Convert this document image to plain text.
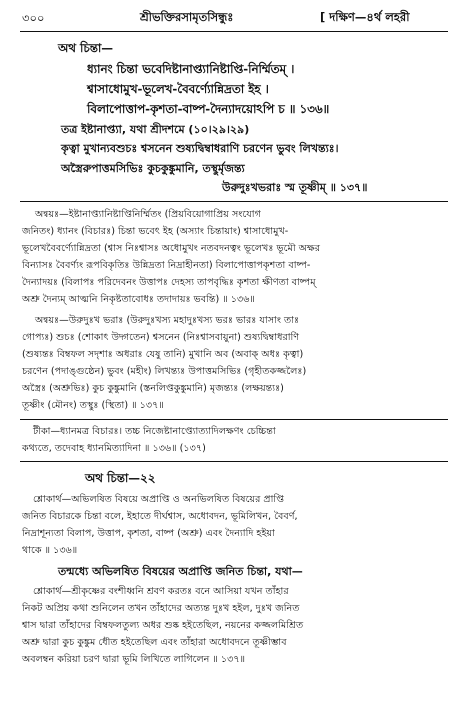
৩০০	শ্রীভক্তিরসামৃতসিন্ধুঃ	[ দক্ষিণ—৪র্থ লহরী
অথ চিন্তা—
ধ্যানং চিন্তা ভবেদিষ্টানাপ্ত্যানিষ্টাপ্তি-নির্ম্মিতম্ ।
শ্বাসাধোমুখ-ভূলেখ-বৈবর্ণ্যোন্নিদ্রতা ইহ ।
বিলাপোত্তাপ-কৃশতা-বাষ্প-দৈন্যাদয়োঽপি চ ॥ ১৩৬॥
তত্র ইষ্টানাপ্ত্যা, যথা শ্রীদশমে (১০।২৯।২৯)
কৃত্বা মুখান্যবশুচঃ শ্বসনেন শুষ্যদ্বিম্বাধরাণি চরণেন ভুবং লিখন্ত্যঃ।
অস্ত্রৈরুপাত্তমসিভিঃ কুচকুঙ্কুমানি, তস্থুর্মৃজন্ত্য
উরুদুঃখভরাঃ স্ম তূষ্ণীম্ ॥ ১৩৭॥
অন্বয়ঃ—ইষ্টানাপ্ত্যানিষ্টাপ্তিনির্ম্মিতং (প্রিয়বিয়োগাপ্রিয় সংযোগ
জনিতং) ধ্যানং (বিচারঃ) চিন্তা ভবেৎ ইহ (অস্যাং চিন্তায়াং) শ্বাসাধোমুখ-
ভূলেখবৈবর্ণ্যোন্নিদ্রতা (শ্বাস নিঃশ্বাসঃ অধোমুখং নতবদনত্বং ভূলেখঃ ভূমৌ অক্ষর
বিন্যাসঃ বৈবর্ণ্যং রূপবিকৃতিঃ উন্নিদ্রতা নিদ্রাহীনতা) বিলাপোত্তাপকৃশতা বাষ্প-
দৈন্যাদয়ঃ (বিলাপঃ পরিদেবনং উত্তাপঃ দেহস্য তাপবৃদ্ধিঃ কৃশতা ক্ষীণতা বাষ্পম্
অশ্রু দৈন্যম্ আত্মনি নিকৃষ্টতাবোধঃ তদাদায়ঃ ভবন্তি) ॥ ১৩৬॥
অন্বয়ঃ—উরুদুঃখ ভরাঃ (উরুদুঃখস্য মহাদুঃখস্য ভরঃ ভারঃ যাসাং তাঃ
গোপ্যঃ) শুচঃ (শোকাৎ উদ্গতেন) শ্বসনেন (নিঃশ্বাসবায়ুনা) শুষ্যদ্বিম্বাধরাণি
(শুষ্যন্তঃ বিম্বফল সদৃশাঃ অধরাঃ যেষু তানি) মুখানি অব (অবাক্ অধঃ কৃত্বা)
চরণেন (পদাঙ্গুষ্ঠেন) ভুবং (মহীং) লিখন্ত্যঃ উপাত্তমসিভিঃ (গৃহীতকজ্জলৈঃ)
অস্ত্রৈঃ (অশ্রুভিঃ) কুচ কুঙ্কুমানি (স্তনলিপ্তকুঙ্কুমানি) মৃজন্ত্যঃ (লক্ষয়ন্ত্যঃ)
তূষ্ণীং (মৌনং) তস্থুঃ (স্থিতা) ॥ ১৩৭॥
টীকা—ধ্যানমত্র বিচারঃ। তচ্চ নিজেষ্টানাপ্ত্যোত্যাদিলক্ষণং চেচ্চিন্তা
কথ্যতে, তদেবাহ ধ্যানমিত্যাদিনা ॥ ১৩৬॥ (১৩৭)
অথ চিন্তা—২২
শ্লোকার্থ—অভিলষিত বিষয়ে অপ্রাপ্তি ও অনভিলষিত বিষয়ের প্রাপ্তি
জনিত বিচারকে চিন্তা বলে, ইহাতে দীর্ঘশ্বাস, অধোবদন, ভূমিলিখন, বৈবর্ণ,
নিদ্রাশূন্যতা বিলাপ, উত্তাপ, কৃশতা, বাষ্প (অশ্রু) এবং দৈন্যাদি হইয়া
থাকে ॥ ১৩৬॥
তন্মধ্যে অভিলষিত বিষয়ের অপ্রাপ্তি জনিত চিন্তা, যথা—
শ্লোকার্থ—শ্রীকৃষ্ণের বংশীধ্বনি শ্রবণ করতঃ বনে আসিয়া যখন তাঁহার
নিকট অপ্রিয় কথা শুনিলেন তখন তাঁহাদের অত্যন্ত দুঃখ হইল, দুঃখ জনিত
শ্বাস দ্বারা তাঁহাদের বিম্বফলতুল্য অধর শুষ্ক হইতেছিল, নয়নের কজ্জলমিশ্রিত
অশ্রু দ্বারা কুচ কুঙ্কুম ধৌত হইতেছিল এবং তাঁহারা অধোবদনে তূষ্ণীম্ভাব
অবলম্বন করিয়া চরণ দ্বারা ভূমি লিখিতে লাগিলেন ॥ ১৩৭॥
